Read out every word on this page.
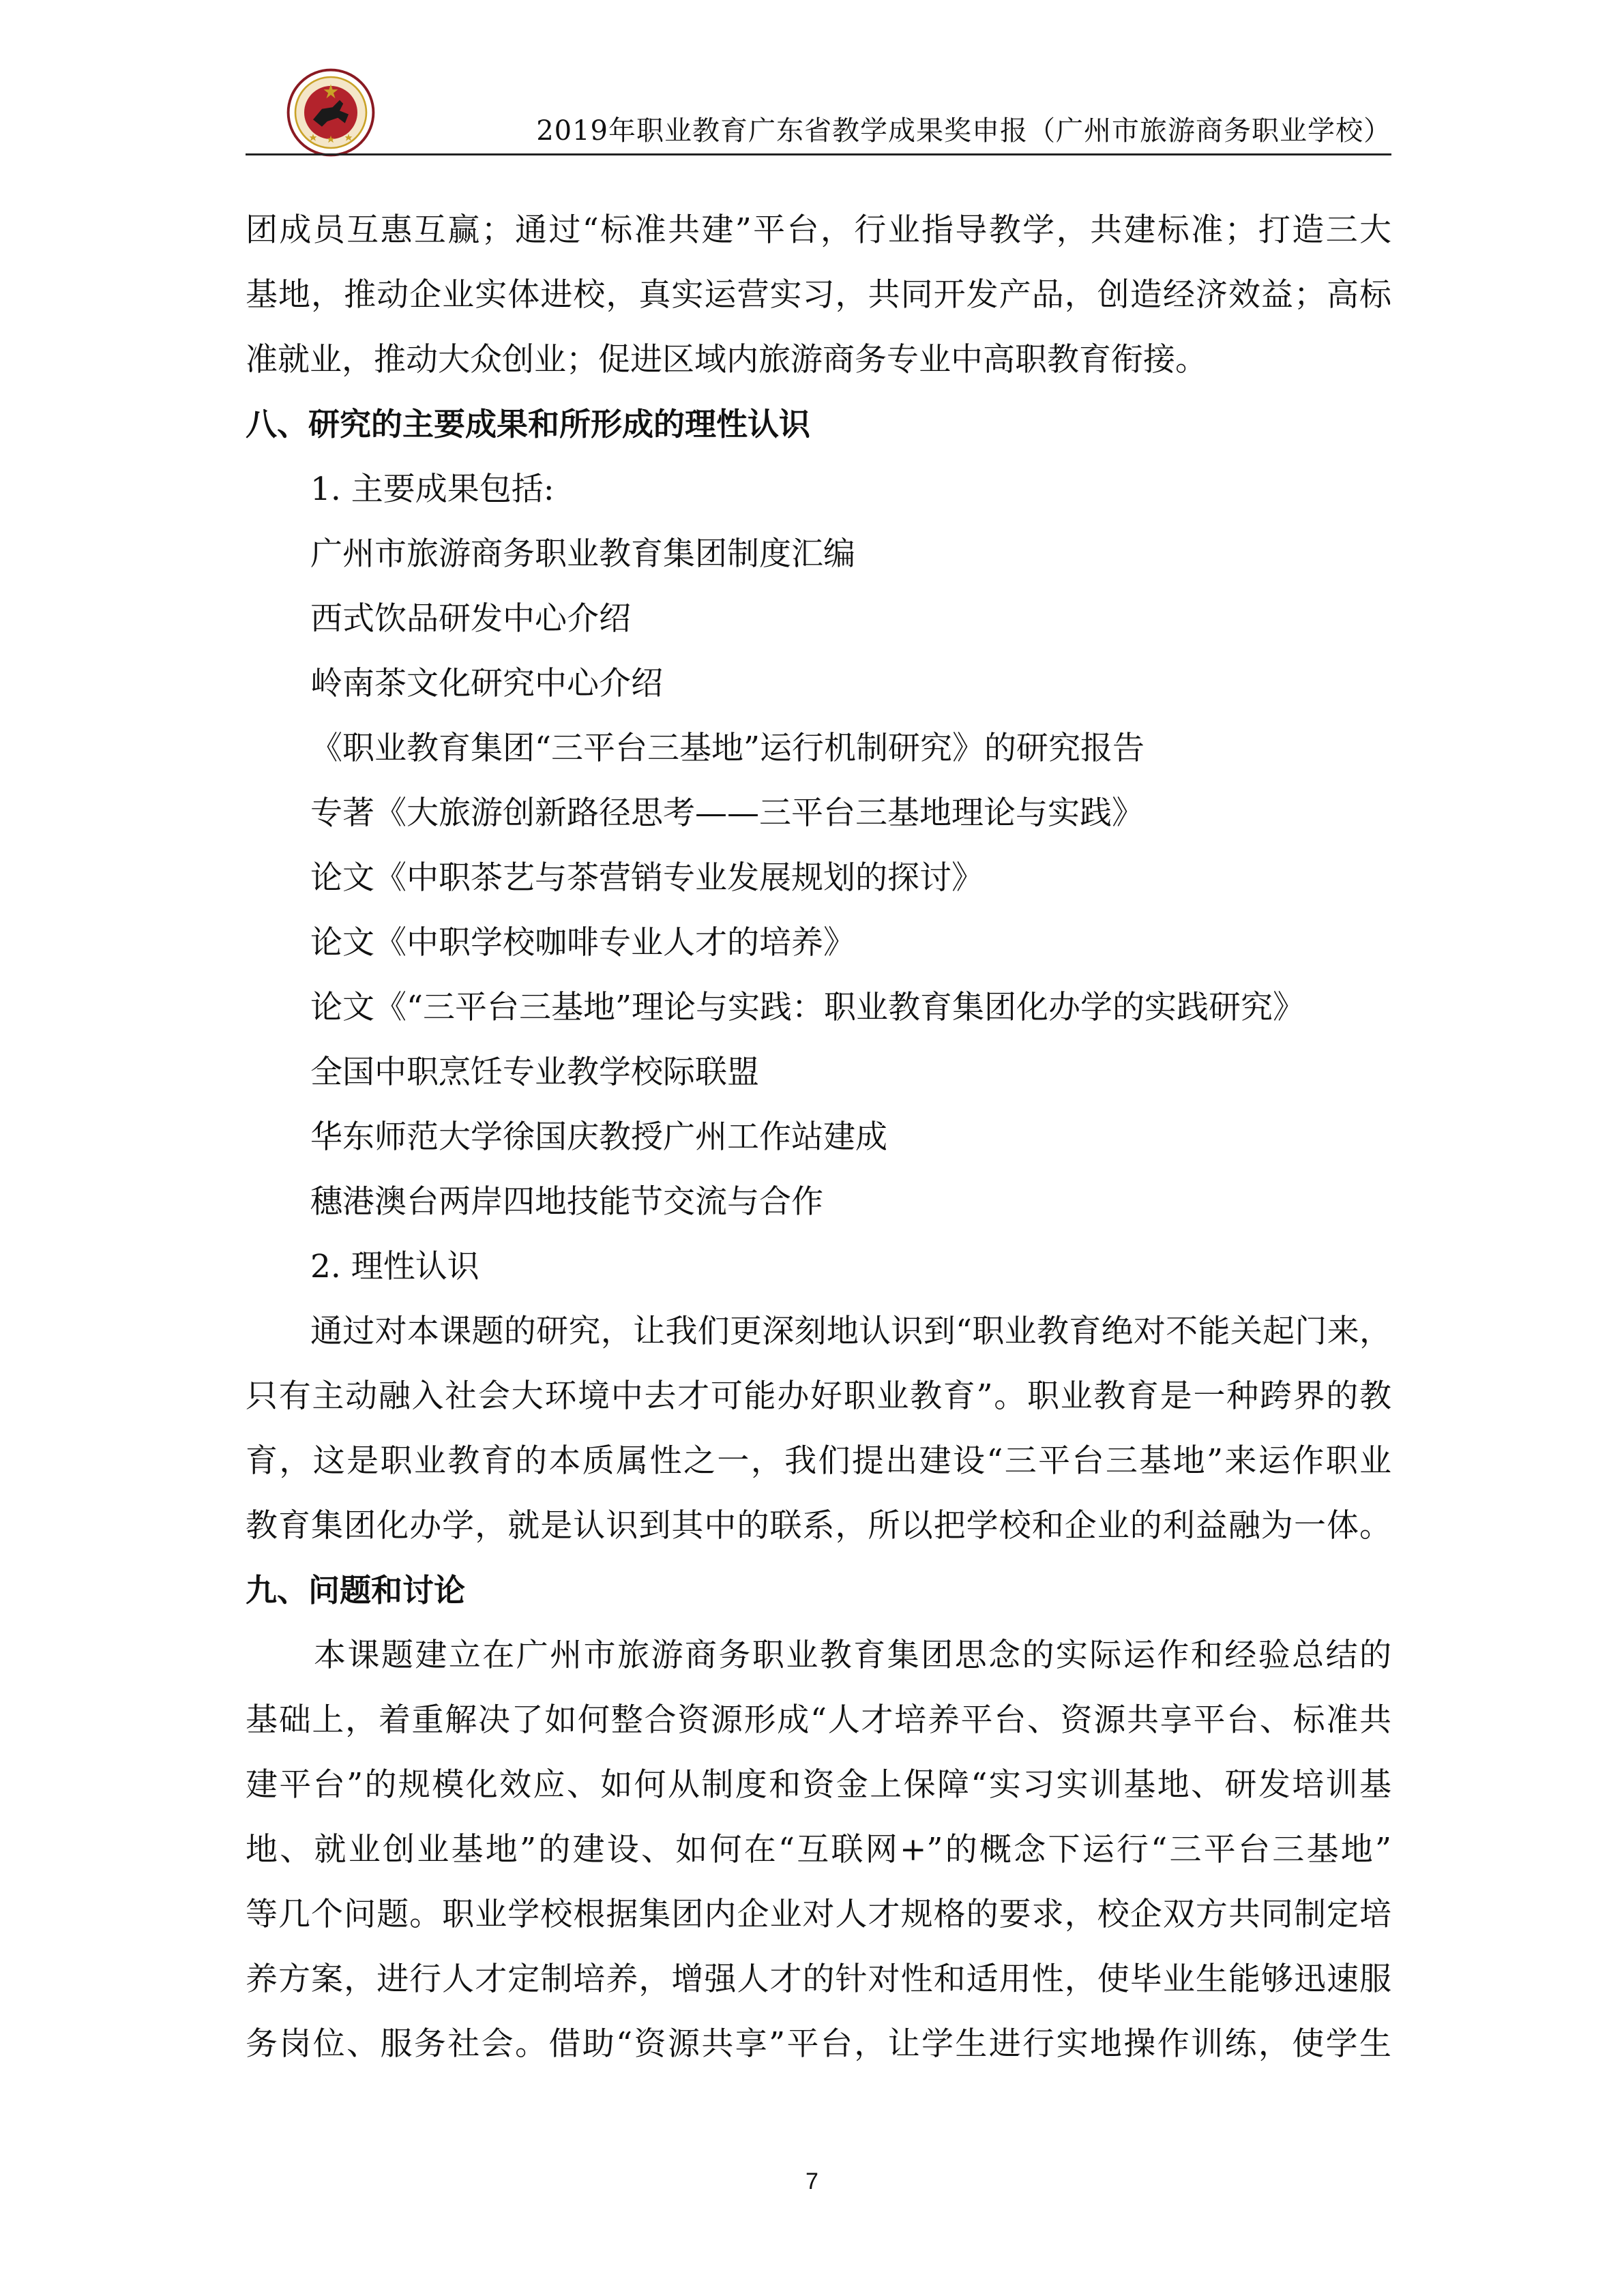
2019年职业教育广东省教学成果奖申报（广州市旅游商务职业学校）
团成员互惠互赢；通过“标准共建”平台，行业指导教学，共建标准；打造三大
基地，推动企业实体进校，真实运营实习，共同开发产品，创造经济效益；高标
准就业，推动大众创业；促进区域内旅游商务专业中高职教育衔接。
八、研究的主要成果和所形成的理性认识
1. 主要成果包括:
广州市旅游商务职业教育集团制度汇编
西式饮品研发中心介绍
岭南茶文化研究中心介绍
《职业教育集团“三平台三基地”运行机制研究》的研究报告
专著《大旅游创新路径思考——三平台三基地理论与实践》
论文《中职茶艺与茶营销专业发展规划的探讨》
论文《中职学校咖啡专业人才的培养》
论文《“三平台三基地”理论与实践：职业教育集团化办学的实践研究》
全国中职烹饪专业教学校际联盟
华东师范大学徐国庆教授广州工作站建成
穗港澳台两岸四地技能节交流与合作
2. 理性认识
通过对本课题的研究，让我们更深刻地认识到“职业教育绝对不能关起门来，
只有主动融入社会大环境中去才可能办好职业教育”。职业教育是一种跨界的教
育，这是职业教育的本质属性之一，我们提出建设“三平台三基地”来运作职业
教育集团化办学，就是认识到其中的联系，所以把学校和企业的利益融为一体。
九、问题和讨论
本课题建立在广州市旅游商务职业教育集团思念的实际运作和经验总结的
基础上，着重解决了如何整合资源形成“人才培养平台、资源共享平台、标准共
建平台”的规模化效应、如何从制度和资金上保障“实习实训基地、研发培训基
地、就业创业基地”的建设、如何在“互联网+”的概念下运行“三平台三基地”
等几个问题。职业学校根据集团内企业对人才规格的要求，校企双方共同制定培
养方案，进行人才定制培养，增强人才的针对性和适用性，使毕业生能够迅速服
务岗位、服务社会。借助“资源共享”平台，让学生进行实地操作训练，使学生
7
